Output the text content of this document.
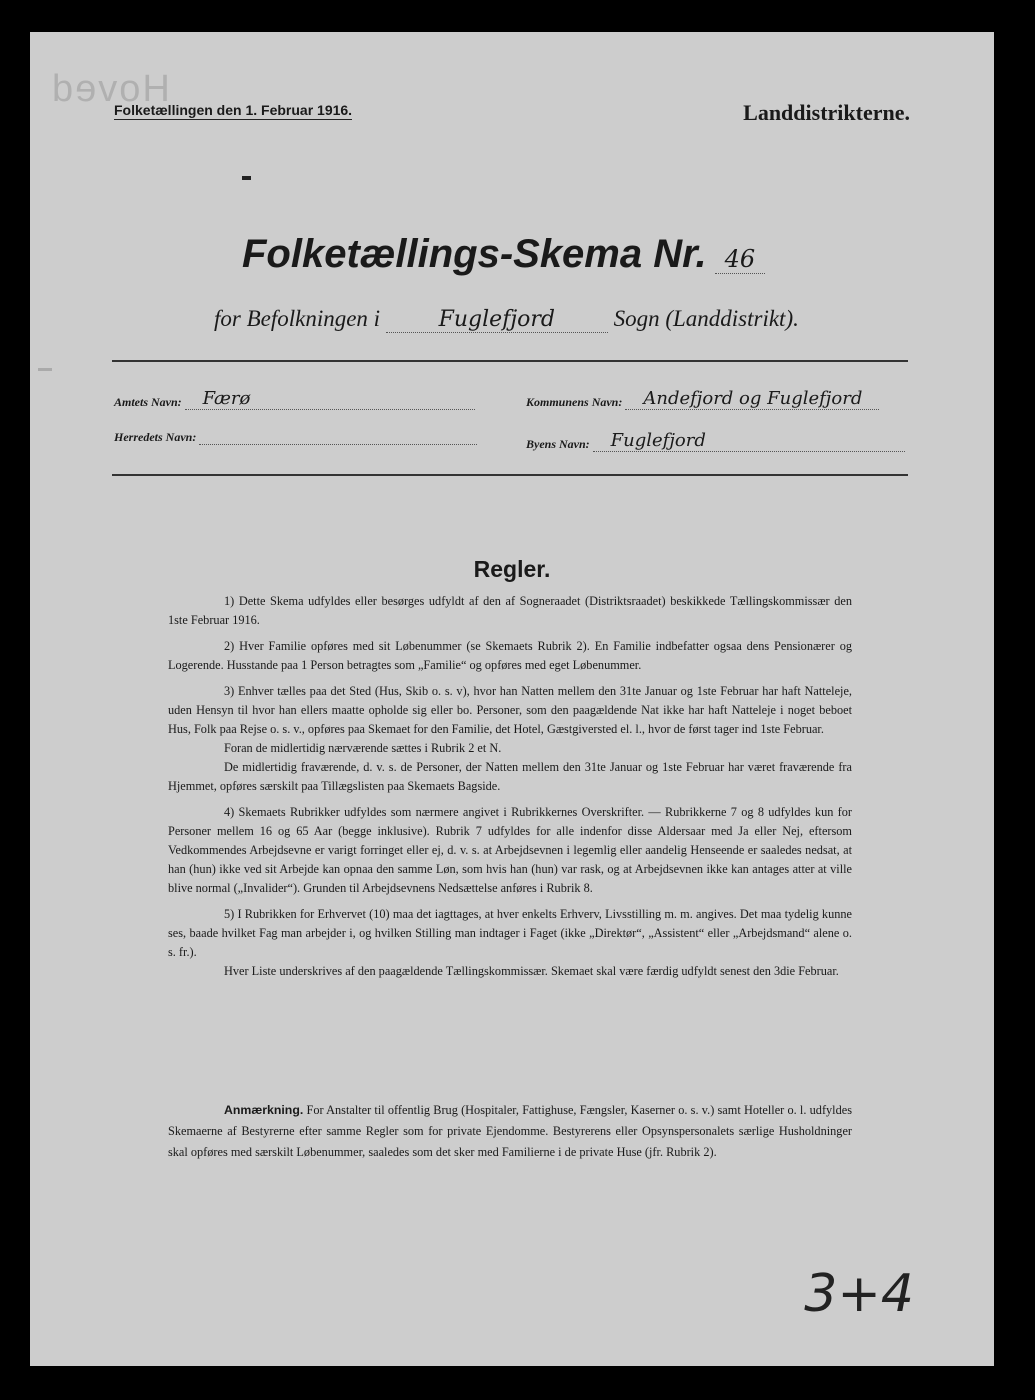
Hoved
Folketællingen den 1. Februar 1916.	Landdistrikterne.
Folketællings-Skema Nr. 46
for Befolkningen i	Fuglefjord	Sogn (Landdistrikt).
Amtets Navn: Færø	Kommunens Navn: Andefjord og Fuglefjord
Herredets Navn:	Byens Navn: Fuglefjord
Regler.

1) Dette Skema udfyldes eller besørges udfyldt af den af Sogneraadet (Distriktsraadet) beskikkede Tællingskommissær den 1ste Februar 1916.

2) Hver Familie opføres med sit Løbenummer (se Skemaets Rubrik 2). En Familie indbefatter ogsaa dens Pensionærer og Logerende. Husstande paa 1 Person betragtes som „Familie“ og opføres med eget Løbenummer.

3) Enhver tælles paa det Sted (Hus, Skib o. s. v), hvor han Natten mellem den 31te Januar og 1ste Februar har haft Natteleje, uden Hensyn til hvor han ellers maatte opholde sig eller bo. Personer, som den paagældende Nat ikke har haft Natteleje i noget beboet Hus, Folk paa Rejse o. s. v., opføres paa Skemaet for den Familie, det Hotel, Gæstgiversted el. l., hvor de først tager ind 1ste Februar.

Foran de midlertidig nærværende sættes i Rubrik 2 et N.

De midlertidig fraværende, d. v. s. de Personer, der Natten mellem den 31te Januar og 1ste Februar har været fraværende fra Hjemmet, opføres særskilt paa Tillægslisten paa Skemaets Bagside.

4) Skemaets Rubrikker udfyldes som nærmere angivet i Rubrikkernes Overskrifter. — Rubrikkerne 7 og 8 udfyldes kun for Personer mellem 16 og 65 Aar (begge inklusive). Rubrik 7 udfyldes for alle indenfor disse Aldersaar med Ja eller Nej, eftersom Vedkommendes Arbejdsevne er varigt forringet eller ej, d. v. s. at Arbejdsevnen i legemlig eller aandelig Henseende er saaledes nedsat, at han (hun) ikke ved sit Arbejde kan opnaa den samme Løn, som hvis han (hun) var rask, og at Arbejdsevnen ikke kan antages atter at ville blive normal („Invalider“). Grunden til Arbejdsevnens Nedsættelse anføres i Rubrik 8.

5) I Rubrikken for Erhvervet (10) maa det iagttages, at hver enkelts Erhverv, Livsstilling m. m. angives. Det maa tydelig kunne ses, baade hvilket Fag man arbejder i, og hvilken Stilling man indtager i Faget (ikke „Direktør“, „Assistent“ eller „Arbejdsmand“ alene o. s. fr.).

Hver Liste underskrives af den paagældende Tællingskommissær. Skemaet skal være færdig udfyldt senest den 3die Februar.

Anmærkning. For Anstalter til offentlig Brug (Hospitaler, Fattighuse, Fængsler, Kaserner o. s. v.) samt Hoteller o. l. udfyldes Skemaerne af Bestyrerne efter samme Regler som for private Ejendomme. Bestyrerens eller Opsynspersonalets særlige Husholdninger skal opføres med særskilt Løbenummer, saaledes som det sker med Familierne i de private Huse (jfr. Rubrik 2).
3+4
